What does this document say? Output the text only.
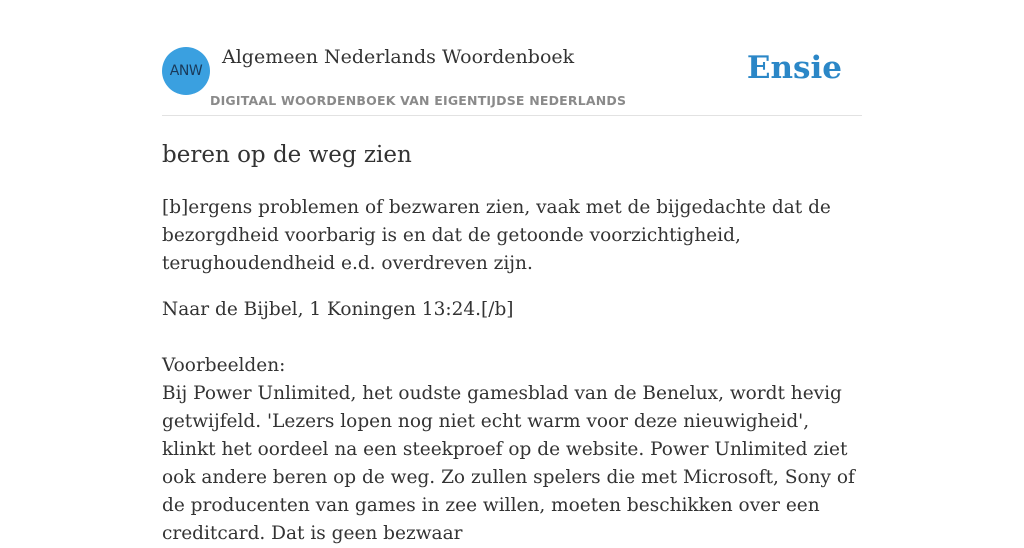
ANW
Algemeen Nederlands Woordenboek
DIGITAAL WOORDENBOEK VAN EIGENTIJDSE NEDERLANDS
Ensie
beren op de weg zien

[b]ergens problemen of bezwaren zien, vaak met de bijgedachte dat de bezorgdheid voorbarig is en dat de getoonde voorzichtigheid, terughoudendheid e.d. overdreven zijn.

Naar de Bijbel, 1 Koningen 13:24.[/b]

Voorbeelden:

Bij Power Unlimited, het oudste gamesblad van de Benelux, wordt hevig getwijfeld. 'Lezers lopen nog niet echt warm voor deze nieuwigheid', klinkt het oordeel na een steekproef op de website. Power Unlimited ziet ook andere beren op de weg. Zo zullen spelers die met Microsoft, Sony of de producenten van games in zee willen, moeten beschikken over een creditcard. Dat is geen bezwaar
